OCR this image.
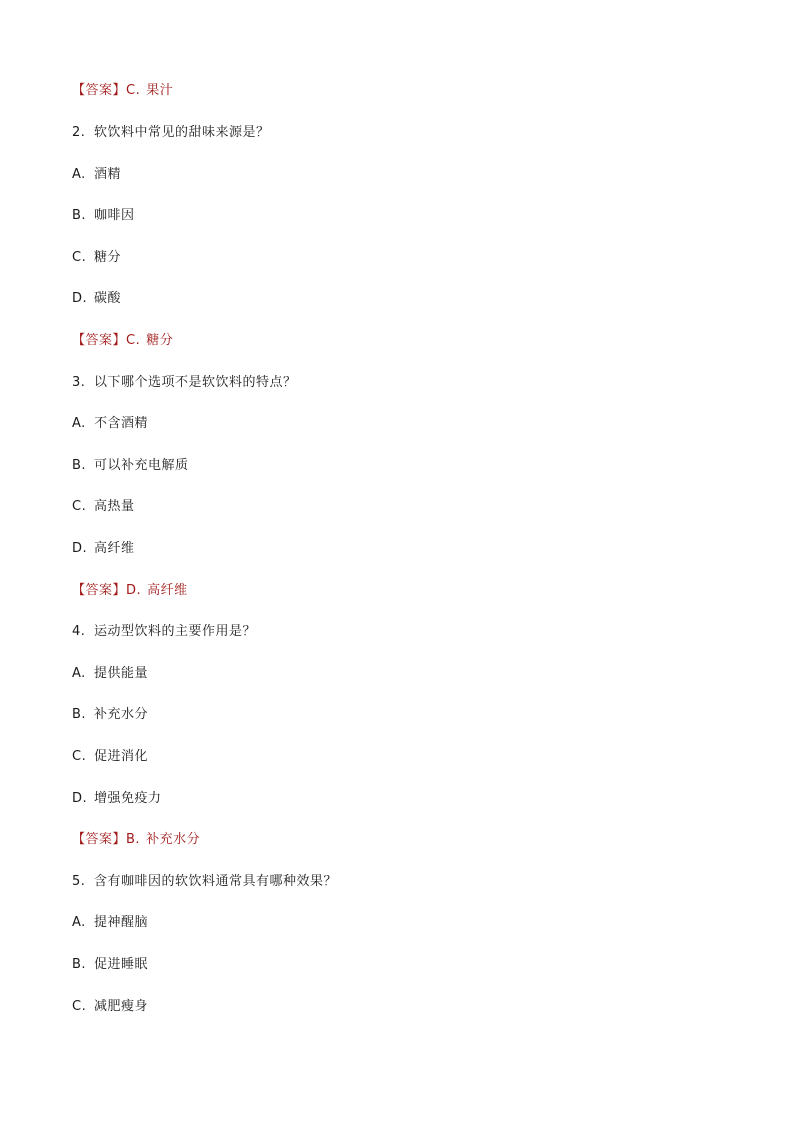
【答案】C. 果汁
2. 软饮料中常见的甜味来源是？
A. 酒精
B. 咖啡因
C. 糖分
D. 碳酸
【答案】C. 糖分
3. 以下哪个选项不是软饮料的特点？
A. 不含酒精
B. 可以补充电解质
C. 高热量
D. 高纤维
【答案】D. 高纤维
4. 运动型饮料的主要作用是？
A. 提供能量
B. 补充水分
C. 促进消化
D. 增强免疫力
【答案】B. 补充水分
5. 含有咖啡因的软饮料通常具有哪种效果？
A. 提神醒脑
B. 促进睡眠
C. 减肥瘦身
